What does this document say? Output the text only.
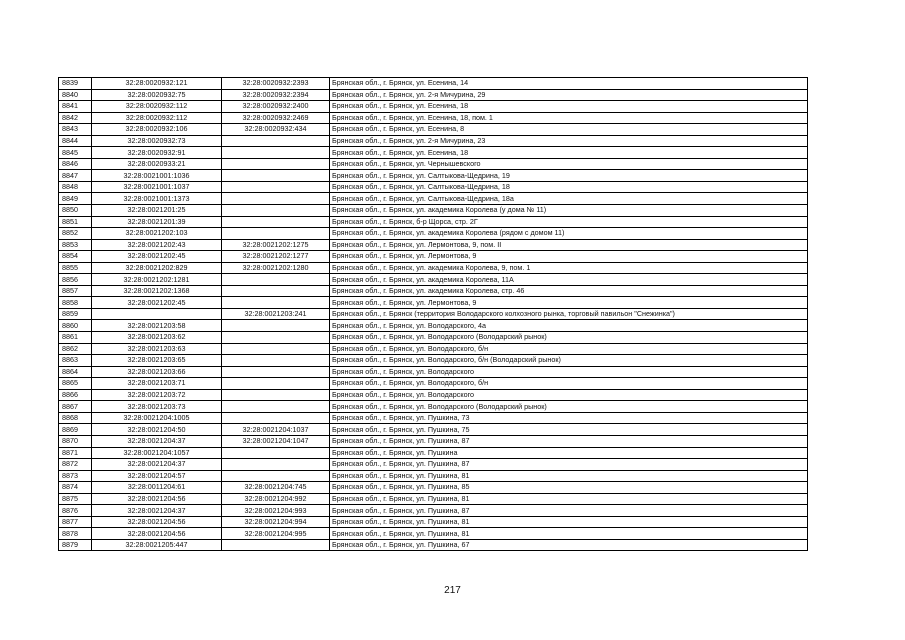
8839	32:28:0020932:121	32:28:0020932:2393	Брянская обл., г. Брянск, ул. Есенина, 14
8840	32:28:0020932:75	32:28:0020932:2394	Брянская обл., г. Брянск, ул. 2-я Мичурина, 29
8841	32:28:0020932:112	32:28:0020932:2400	Брянская обл., г. Брянск, ул. Есенина, 18
8842	32:28:0020932:112	32:28:0020932:2469	Брянская обл., г. Брянск, ул. Есенина, 18, пом. 1
8843	32:28:0020932:106	32:28:0020932:434	Брянская обл., г. Брянск, ул. Есенина, 8
8844	32:28:0020932:73		Брянская обл., г. Брянск, ул. 2-я Мичурина, 23
8845	32:28:0020932:91		Брянская обл., г. Брянск, ул. Есенина, 18
8846	32:28:0020933:21		Брянская обл., г. Брянск, ул. Чернышевского
8847	32:28:0021001:1036		Брянская обл., г. Брянск, ул. Салтыкова-Щедрина, 19
8848	32:28:0021001:1037		Брянская обл., г. Брянск, ул. Салтыкова-Щедрина, 18
8849	32:28:0021001:1373		Брянская обл., г. Брянск, ул. Салтыкова-Щедрина, 18а
8850	32:28:0021201:25		Брянская обл., г. Брянск, ул. академика Королева (у дома № 11)
8851	32:28:0021201:39		Брянская обл., г. Брянск, б-р Щорса, стр. 2Г
8852	32:28:0021202:103		Брянская обл., г. Брянск, ул. академика Королева (рядом с домом 11)
8853	32:28:0021202:43	32:28:0021202:1275	Брянская обл., г. Брянск, ул. Лермонтова, 9, пом. II
8854	32:28:0021202:45	32:28:0021202:1277	Брянская обл., г. Брянск, ул. Лермонтова, 9
8855	32:28:0021202:829	32:28:0021202:1280	Брянская обл., г. Брянск, ул. академика Королева, 9, пом. 1
8856	32:28:0021202:1281		Брянская обл., г. Брянск, ул. академика Королева, 11А
8857	32:28:0021202:1368		Брянская обл., г. Брянск, ул. академика Королева, стр. 46
8858	32:28:0021202:45		Брянская обл., г. Брянск, ул. Лермонтова, 9
8859		32:28:0021203:241	Брянская обл., г. Брянск (территория Володарского колхозного рынка, торговый павильон "Снежинка")
8860	32:28:0021203:58		Брянская обл., г. Брянск, ул. Володарского, 4а
8861	32:28:0021203:62		Брянская обл., г. Брянск, ул. Володарского (Володарский рынок)
8862	32:28:0021203:63		Брянская обл., г. Брянск, ул. Володарского, б/н
8863	32:28:0021203:65		Брянская обл., г. Брянск, ул. Володарского, б/н (Володарский рынок)
8864	32:28:0021203:66		Брянская обл., г. Брянск, ул. Володарского
8865	32:28:0021203:71		Брянская обл., г. Брянск, ул. Володарского, б/н
8866	32:28:0021203:72		Брянская обл., г. Брянск, ул. Володарского
8867	32:28:0021203:73		Брянская обл., г. Брянск, ул. Володарского (Володарский рынок)
8868	32:28:0021204:1005		Брянская обл., г. Брянск, ул. Пушкина, 73
8869	32:28:0021204:50	32:28:0021204:1037	Брянская обл., г. Брянск, ул. Пушкина, 75
8870	32:28:0021204:37	32:28:0021204:1047	Брянская обл., г. Брянск, ул. Пушкина, 87
8871	32:28:0021204:1057		Брянская обл., г. Брянск, ул. Пушкина
8872	32:28:0021204:37		Брянская обл., г. Брянск, ул. Пушкина, 87
8873	32:28:0021204:57		Брянская обл., г. Брянск, ул. Пушкина, 81
8874	32:28:0011204:61	32:28:0021204:745	Брянская обл., г. Брянск, ул. Пушкина, 85
8875	32:28:0021204:56	32:28:0021204:992	Брянская обл., г. Брянск, ул. Пушкина, 81
8876	32:28:0021204:37	32:28:0021204:993	Брянская обл., г. Брянск, ул. Пушкина, 87
8877	32:28:0021204:56	32:28:0021204:994	Брянская обл., г. Брянск, ул. Пушкина, 81
8878	32:28:0021204:56	32:28:0021204:995	Брянская обл., г. Брянск, ул. Пушкина, 81
8879	32:28:0021205:447		Брянская обл., г. Брянск, ул. Пушкина, 67
217
